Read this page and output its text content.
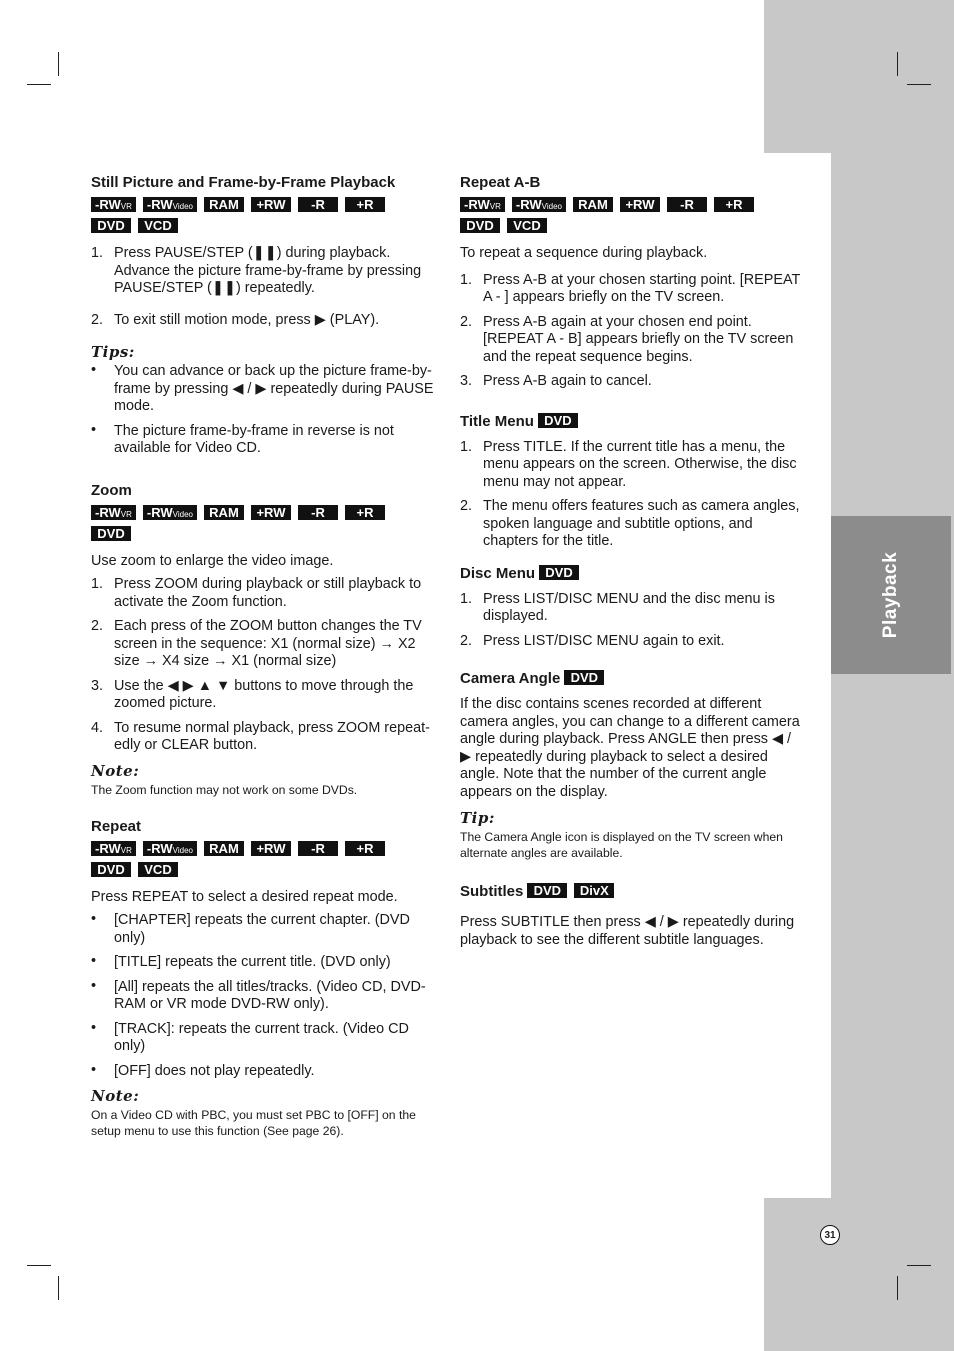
Playback
Still Picture and Frame-by-Frame Playback
-RWVR	-RWVideo	RAM	+RW	-R	+R
DVD	VCD
1. Press PAUSE/STEP (❚❚) during playback. Advance the picture frame-by-frame by pressing PAUSE/STEP (❚❚) repeatedly.
2. To exit still motion mode, press ▶ (PLAY).
Tips:
• You can advance or back up the picture frame-by-frame by pressing ◀ / ▶ repeatedly during PAUSE mode.
• The picture frame-by-frame in reverse is not available for Video CD.
Zoom
-RWVR	-RWVideo	RAM	+RW	-R	+R
DVD

Use zoom to enlarge the video image.

1. Press ZOOM during playback or still playback to activate the Zoom function.
2. Each press of the ZOOM button changes the TV screen in the sequence: X1 (normal size) → X2 size → X4 size → X1 (normal size)
3. Use the ◀ ▶ ▲ ▼ buttons to move through the zoomed picture.
4. To resume normal playback, press ZOOM repeat-edly or CLEAR button.
Note:

The Zoom function may not work on some DVDs.

Repeat
-RWVR	-RWVideo	RAM	+RW	-R	+R
DVD	VCD

Press REPEAT to select a desired repeat mode.

• [CHAPTER] repeats the current chapter. (DVD only)
• [TITLE] repeats the current title. (DVD only)
• [All] repeats the all titles/tracks. (Video CD, DVD-RAM or VR mode DVD-RW only).
• [TRACK]: repeats the current track. (Video CD only)
• [OFF] does not play repeatedly.
Note:

On a Video CD with PBC, you must set PBC to [OFF] on the setup menu to use this function (See page 26).

Repeat A-B
-RWVR	-RWVideo	RAM	+RW	-R	+R
DVD	VCD

To repeat a sequence during playback.

1. Press A-B at your chosen starting point. [REPEAT A - ] appears briefly on the TV screen.
2. Press A-B again at your chosen end point. [REPEAT A - B] appears briefly on the TV screen and the repeat sequence begins.
3. Press A-B again to cancel.
Title Menu DVD
1. Press TITLE. If the current title has a menu, the menu appears on the screen. Otherwise, the disc menu may not appear.
2. The menu offers features such as camera angles, spoken language and subtitle options, and chapters for the title.
Disc Menu DVD
1. Press LIST/DISC MENU and the disc menu is displayed.
2. Press LIST/DISC MENU again to exit.
Camera Angle DVD

If the disc contains scenes recorded at different camera angles, you can change to a different camera angle during playback. Press ANGLE then press ◀ / ▶ repeatedly during playback to select a desired angle. Note that the number of the current angle appears on the display.

Tip:

The Camera Angle icon is displayed on the TV screen when alternate angles are available.

Subtitles DVD DivX

Press SUBTITLE then press ◀ / ▶ repeatedly during playback to see the different subtitle languages.

31
